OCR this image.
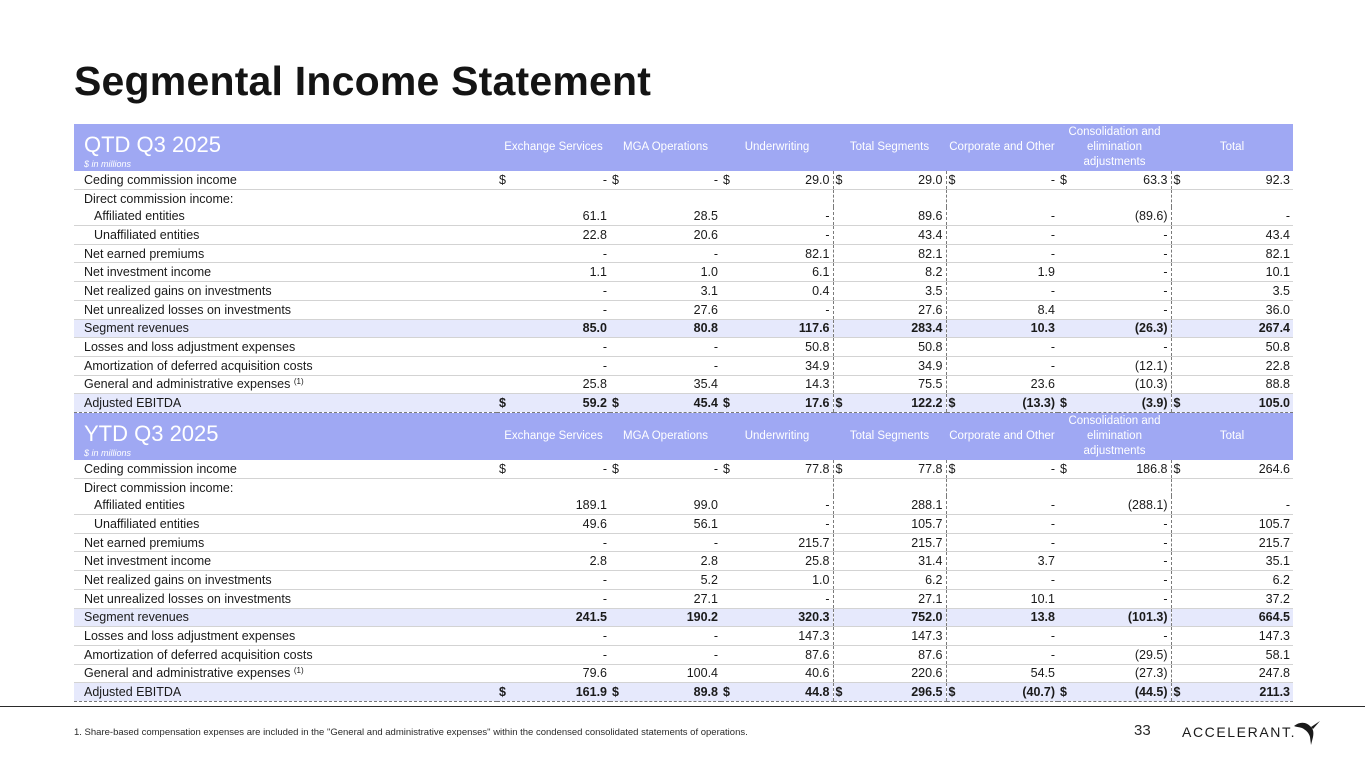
Segmental Income Statement
QTD Q3 2025
$ in millions	Exchange Services	MGA Operations	Underwriting	Total Segments	Corporate and Other	Consolidation and elimination adjustments	Total
Ceding commission income	$ -	$ -	$ 29.0	$ 29.0	$ -	$ 63.3	$ 92.3
Direct commission income:							
Affiliated entities	61.1	28.5	-	89.6	-	(89.6)	-
Unaffiliated entities	22.8	20.6	-	43.4	-	-	43.4
Net earned premiums	-	-	82.1	82.1	-	-	82.1
Net investment income	1.1	1.0	6.1	8.2	1.9	-	10.1
Net realized gains on investments	-	3.1	0.4	3.5	-	-	3.5
Net unrealized losses on investments	-	27.6	-	27.6	8.4	-	36.0
Segment revenues	85.0	80.8	117.6	283.4	10.3	(26.3)	267.4
Losses and loss adjustment expenses	-	-	50.8	50.8	-	-	50.8
Amortization of deferred acquisition costs	-	-	34.9	34.9	-	(12.1)	22.8
General and administrative expenses $^{(1)}$	25.8	35.4	14.3	75.5	23.6	(10.3)	88.8
Adjusted EBITDA	$ 59.2	$ 45.4	$ 17.6	$ 122.2	$ (13.3)	$ (3.9)	$ 105.0
YTD Q3 2025
$ in millions	Exchange Services	MGA Operations	Underwriting	Total Segments	Corporate and Other	Consolidation and elimination adjustments	Total
Ceding commission income	$ -	$ -	$ 77.8	$ 77.8	$ -	$ 186.8	$ 264.6
Direct commission income:							
Affiliated entities	189.1	99.0	-	288.1	-	(288.1)	-
Unaffiliated entities	49.6	56.1	-	105.7	-	-	105.7
Net earned premiums	-	-	215.7	215.7	-	-	215.7
Net investment income	2.8	2.8	25.8	31.4	3.7	-	35.1
Net realized gains on investments	-	5.2	1.0	6.2	-	-	6.2
Net unrealized losses on investments	-	27.1	-	27.1	10.1	-	37.2
Segment revenues	241.5	190.2	320.3	752.0	13.8	(101.3)	664.5
Losses and loss adjustment expenses	-	-	147.3	147.3	-	-	147.3
Amortization of deferred acquisition costs	-	-	87.6	87.6	-	(29.5)	58.1
General and administrative expenses $^{(1)}$	79.6	100.4	40.6	220.6	54.5	(27.3)	247.8
Adjusted EBITDA	$ 161.9	$ 89.8	$ 44.8	$ 296.5	$ (40.7)	$ (44.5)	$ 211.3
1. Share-based compensation expenses are included in the "General and administrative expenses" within the condensed consolidated statements of operations.	33 ACCELERANT.
